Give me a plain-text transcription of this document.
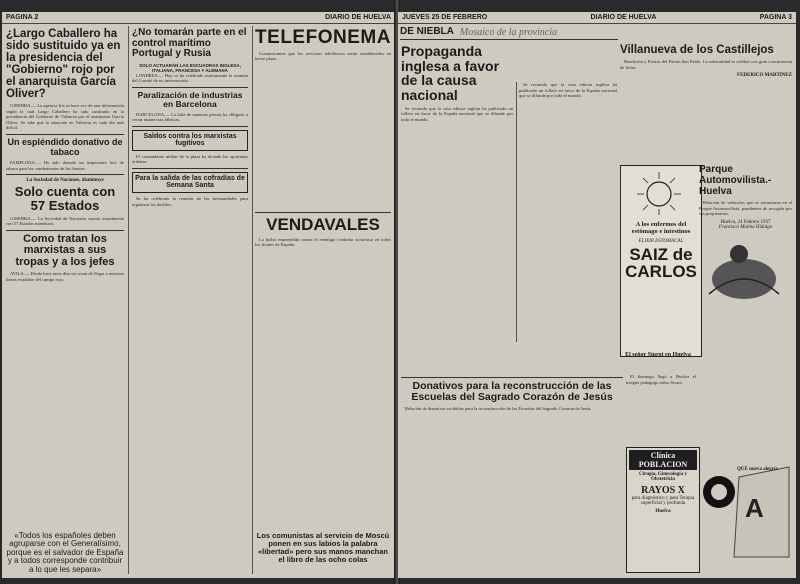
PAGINA 2	DIARIO DE HUELVA
¿Largo Caballero ha sido sustituido ya en la presidencia del "Gobierno" rojo por el anarquista García Oliver?

GINEBRA.— La agencia Iris se hace eco de una información según la cual Largo Caballero ha sido sustituido en la presidencia del Gobierno de Valencia por el anarquista García Oliver. Se sabe que la situación en Valencia es cada día más difícil.

Un espléndido donativo de tabaco

PAMPLONA.— Ha sido donado un importante lote de tabaco para los combatientes de los frentes.

La Sociedad de Naciones, disminuye
Solo cuenta con 57 Estados

GINEBRA.— La Sociedad de Naciones cuenta actualmente con 57 Estados miembros.

Como tratan los marxistas a sus tropas y a los jefes

AVILA.— Desde hace unos días no cesan de llegar a nuestras líneas evadidos del campo rojo.

¿No tomarán parte en el control marítimo Portugal y Rusia
SOLO ACTUARÁN LAS ESCUADRAS INGLESA, ITALIANA, FRANCESA Y ALEMANA

LONDRES.— Hoy se ha celebrado nuevamente la reunión del Comité de no intervención.

Paralización de industrias en Barcelona

BARCELONA.— La falta de materias primas ha obligado a cerrar numerosas fábricas.

Saldos contra los marxistas fugitivos

El comandante militar de la plaza ha dictado las oportunas órdenes.

Para la salida de las cofradías de Semana Santa

Se ha celebrado la reunión de las hermandades para organizar los desfiles.

TELEFONEMA

Comunicamos que los servicios telefónicos serán restablecidos en breve plazo.

VENDAVALES

La lucha emprendida contra el enemigo continúa victoriosa en todos los frentes de España.

«Todos los españoles deben agruparse con el Generalísimo, porque es el salvador de España y a todos corresponde contribuir a lo que les separa»
Los comunistas al servicio de Moscú ponen en sus labios la palabra «libertad» pero sus manos manchan el libro de las ocho colas
JUEVES 25 DE FEBRERO	DIARIO DE HUELVA	PAGINA 3
DE NIEBLA Mosaico de la provincia
Propaganda inglesa a favor de la causa nacional

Se recuerda que la casa editora inglesa ha publicado un folleto en favor de la España nacional que se difunde por todo el mundo.

Se recuerda que la casa editora inglesa ha publicado un folleto en favor de la España nacional que se difunde por todo el mundo.

A los enfermos del estómago e intestinos
ELIXIR ESTOMACAL
SAIZ de CARLOS
Villanueva de los Castillejos

Bendición y Fiestas del Patrón San Pablo. La solemnidad se celebró con gran concurrencia de fieles.

FEDERICO MARTINEZ
Parque Automovilista.-Huelva

Relación de vehículos que se encuentran en el Parque Automovilista, pendientes de recogida por sus propietarios.

Huelva, 24 Febrero 1937
Francisco Molina Hidalgo
El señor Siurot en Huelva
Donativos para la reconstrucción de las Escuelas del Sagrado Corazón de Jesús

Relación de donativos recibidos para la reconstrucción de las Escuelas del Sagrado Corazón de Jesús.

El domingo llegó a Huelva el insigne pedagogo señor Siurot.

Clínica POBLACION
Cirugía, Ginecología y Obstetricia
RAYOS X
para diagnóstico y para Terapia superficial y profunda
Huelva	A
QUE nueva alegría
